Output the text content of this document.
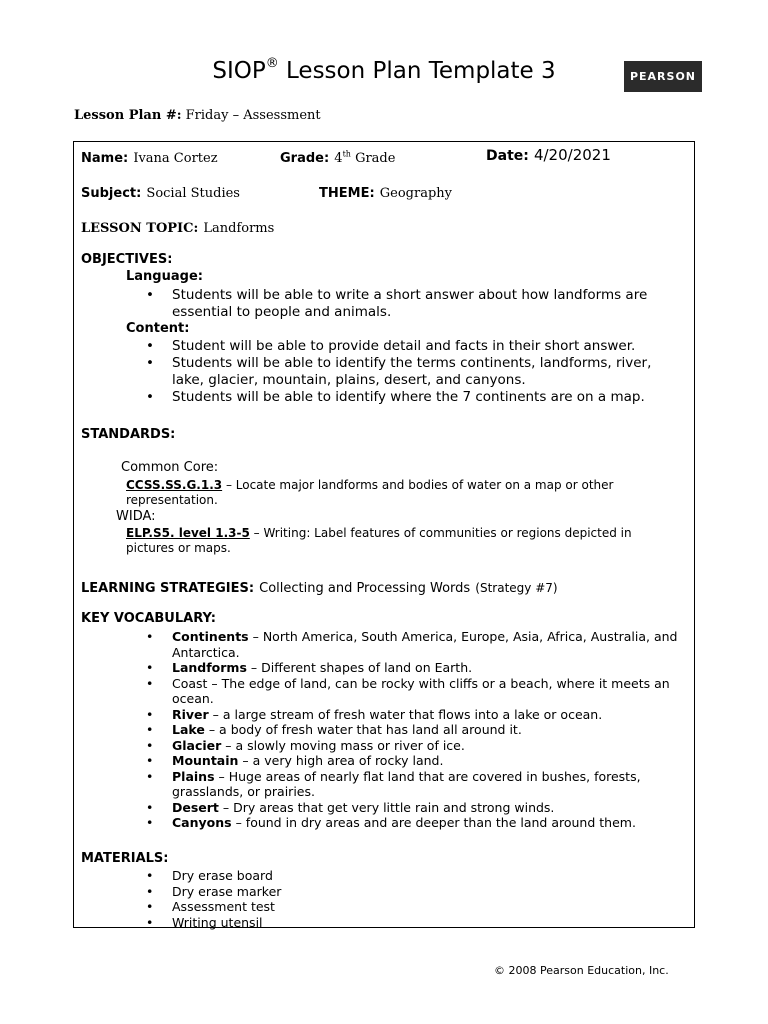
SIOP® Lesson Plan Template 3	PEARSON
Lesson Plan #: Friday – Assessment
Name: Ivana Cortez	Grade: 4th Grade	Date: 4/20/2021
Subject: Social Studies	THEME: Geography
LESSON TOPIC: Landforms
OBJECTIVES:
Language:
• Students will be able to write a short answer about how landforms are essential to people and animals.
Content:
• Student will be able to provide detail and facts in their short answer.
• Students will be able to identify the terms continents, landforms, river, lake, glacier, mountain, plains, desert, and canyons.
• Students will be able to identify where the 7 continents are on a map.
STANDARDS:
Common Core:
CCSS.SS.G.1.3 – Locate major landforms and bodies of water on a map or other representation.
WIDA:
ELP.S5. level 1.3-5 – Writing: Label features of communities or regions depicted in pictures or maps.
LEARNING STRATEGIES: Collecting and Processing Words (Strategy #7)
KEY VOCABULARY:
• Continents – North America, South America, Europe, Asia, Africa, Australia, and Antarctica.
• Landforms – Different shapes of land on Earth.
• Coast – The edge of land, can be rocky with cliffs or a beach, where it meets an ocean.
• River – a large stream of fresh water that flows into a lake or ocean.
• Lake – a body of fresh water that has land all around it.
• Glacier – a slowly moving mass or river of ice.
• Mountain – a very high area of rocky land.
• Plains – Huge areas of nearly flat land that are covered in bushes, forests, grasslands, or prairies.
• Desert – Dry areas that get very little rain and strong winds.
• Canyons – found in dry areas and are deeper than the land around them.
MATERIALS:
• Dry erase board
• Dry erase marker
• Assessment test
• Writing utensil
© 2008 Pearson Education, Inc.
